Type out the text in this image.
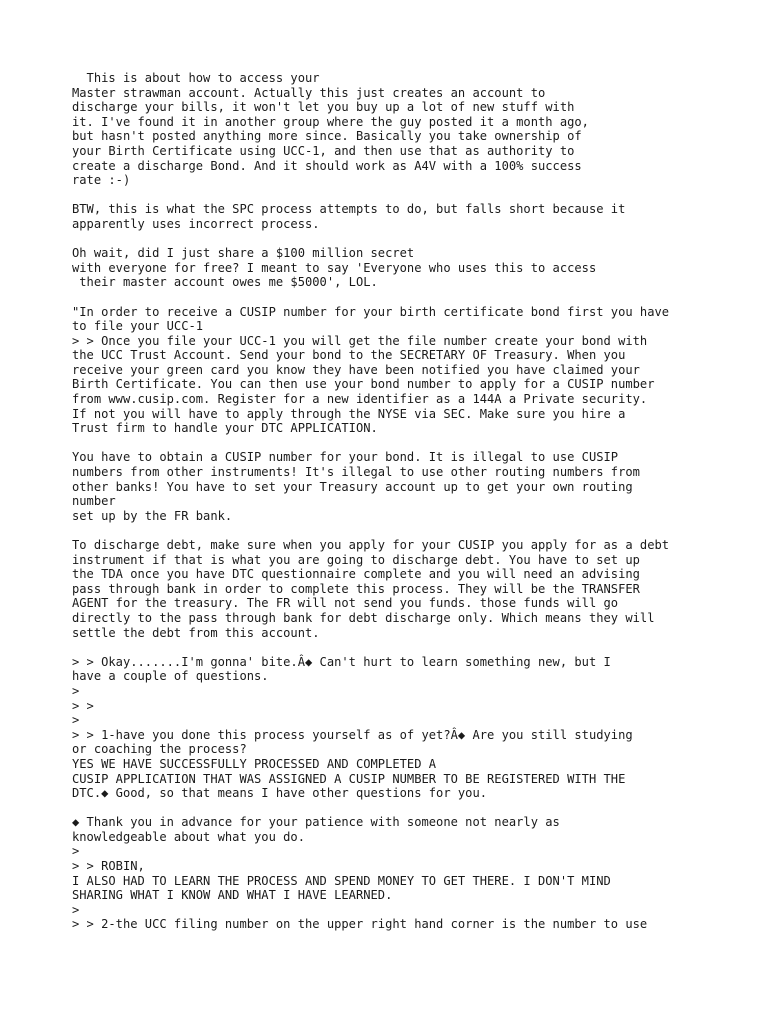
This is about how to access your
Master strawman account. Actually this just creates an account to
discharge your bills, it won't let you buy up a lot of new stuff with
it. I've found it in another group where the guy posted it a month ago,
but hasn't posted anything more since. Basically you take ownership of
your Birth Certificate using UCC-1, and then use that as authority to
create a discharge Bond. And it should work as A4V with a 100% success
rate :-)
BTW, this is what the SPC process attempts to do, but falls short because it
apparently uses incorrect process.
Oh wait, did I just share a $100 million secret
with everyone for free? I meant to say 'Everyone who uses this to access
their master account owes me $5000', LOL.
"In order to receive a CUSIP number for your birth certificate bond first you have
to file your UCC-1
> > Once you file your UCC-1 you will get the file number create your bond with
the UCC Trust Account. Send your bond to the SECRETARY OF Treasury. When you
receive your green card you know they have been notified you have claimed your
Birth Certificate. You can then use your bond number to apply for a CUSIP number
from www.cusip.com. Register for a new identifier as a 144A a Private security.
If not you will have to apply through the NYSE via SEC. Make sure you hire a
Trust firm to handle your DTC APPLICATION.
You have to obtain a CUSIP number for your bond. It is illegal to use CUSIP
numbers from other instruments! It's illegal to use other routing numbers from
other banks! You have to set your Treasury account up to get your own routing
number
set up by the FR bank.
To discharge debt, make sure when you apply for your CUSIP you apply for as a debt
instrument if that is what you are going to discharge debt. You have to set up
the TDA once you have DTC questionnaire complete and you will need an advising
pass through bank in order to complete this process. They will be the TRANSFER
AGENT for the treasury. The FR will not send you funds. those funds will go
directly to the pass through bank for debt discharge only. Which means they will
settle the debt from this account.
> > Okay.......I'm gonna' bite.Â◆ Can't hurt to learn something new, but I
have a couple of questions.
>
> >
>
> > 1-have you done this process yourself as of yet?Â◆ Are you still studying
or coaching the process?
YES WE HAVE SUCCESSFULLY PROCESSED AND COMPLETED A
CUSIP APPLICATION THAT WAS ASSIGNED A CUSIP NUMBER TO BE REGISTERED WITH THE
DTC.◆ Good, so that means I have other questions for you.
◆ Thank you in advance for your patience with someone not nearly as
knowledgeable about what you do.
>
> > ROBIN,
I ALSO HAD TO LEARN THE PROCESS AND SPEND MONEY TO GET THERE. I DON'T MIND
SHARING WHAT I KNOW AND WHAT I HAVE LEARNED.
>
> > 2-the UCC filing number on the upper right hand corner is the number to use
